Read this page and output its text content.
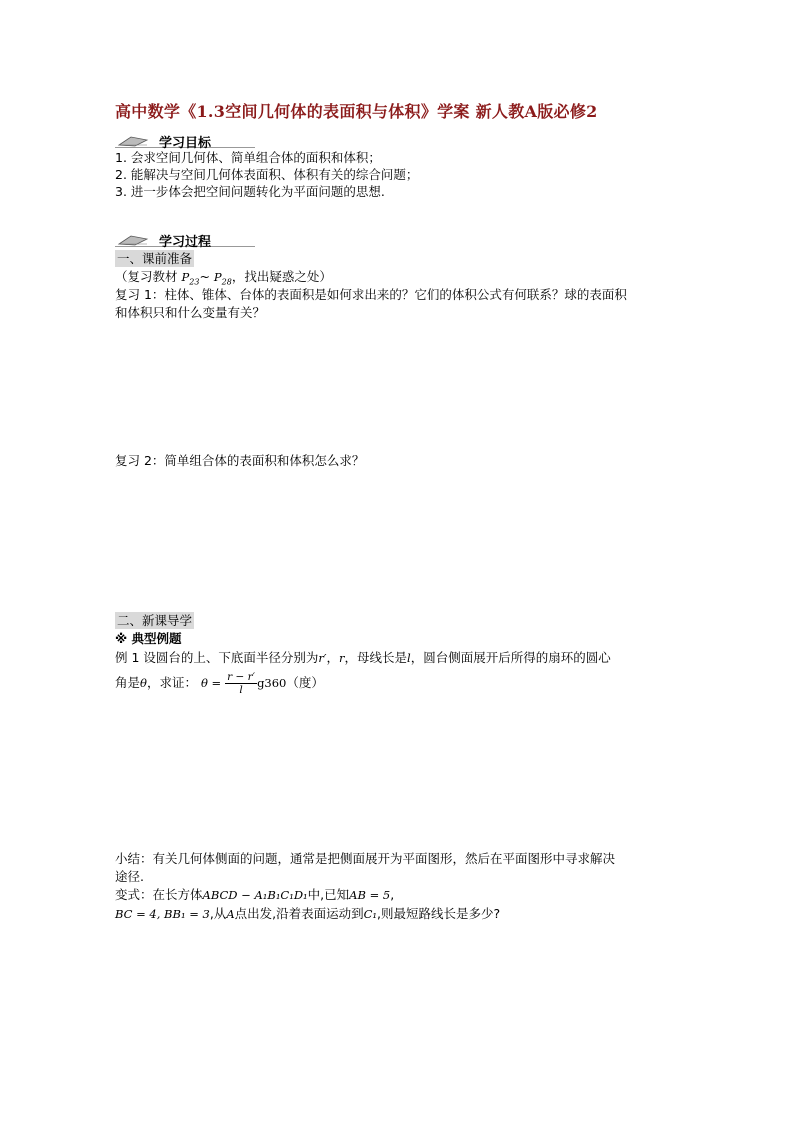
高中数学《1.3空间几何体的表面积与体积》学案 新人教A版必修2
学习目标
1. 会求空间几何体、简单组合体的面积和体积；
2. 能解决与空间几何体表面积、体积有关的综合问题；
3. 进一步体会把空间问题转化为平面问题的思想.
学习过程
一、课前准备
（复习教材 $P_{23}\sim$ $P_{28}$，找出疑惑之处）
复习 1：柱体、锥体、台体的表面积是如何求出来的？它们的体积公式有何联系？球的表面积
和体积只和什么变量有关？
复习 2：简单组合体的表面积和体积怎么求？
二、新课导学
※ 典型例题
例 1 设圆台的上、下底面半径分别为r′，r，母线长是l，圆台侧面展开后所得的扇环的圆心
角是θ，求证： $\theta = \frac{r - r'}{l} g360$（度）
小结：有关几何体侧面的问题，通常是把侧面展开为平面图形，然后在平面图形中寻求解决
途径.
变式：在长方体ABCD − A₁B₁C₁D₁中,已知AB = 5,
BC = 4, BB₁ = 3,从A点出发,沿着表面运动到C₁,则最短路线长是多少?
